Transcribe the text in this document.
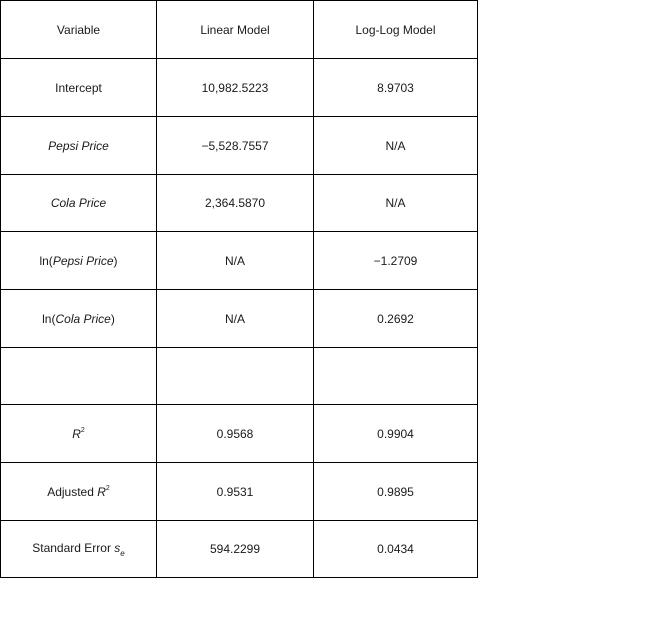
Variable	Linear Model	Log-Log Model
Intercept	10,982.5223	8.9703
Pepsi Price	−5,528.7557	N/A
Cola Price	2,364.5870	N/A
ln(Pepsi Price)	N/A	−1.2709
ln(Cola Price)	N/A	0.2692

$R^2$	0.9568	0.9904
Adjusted $R^2$	0.9531	0.9895
Standard Error $s_e$	594.2299	0.0434
